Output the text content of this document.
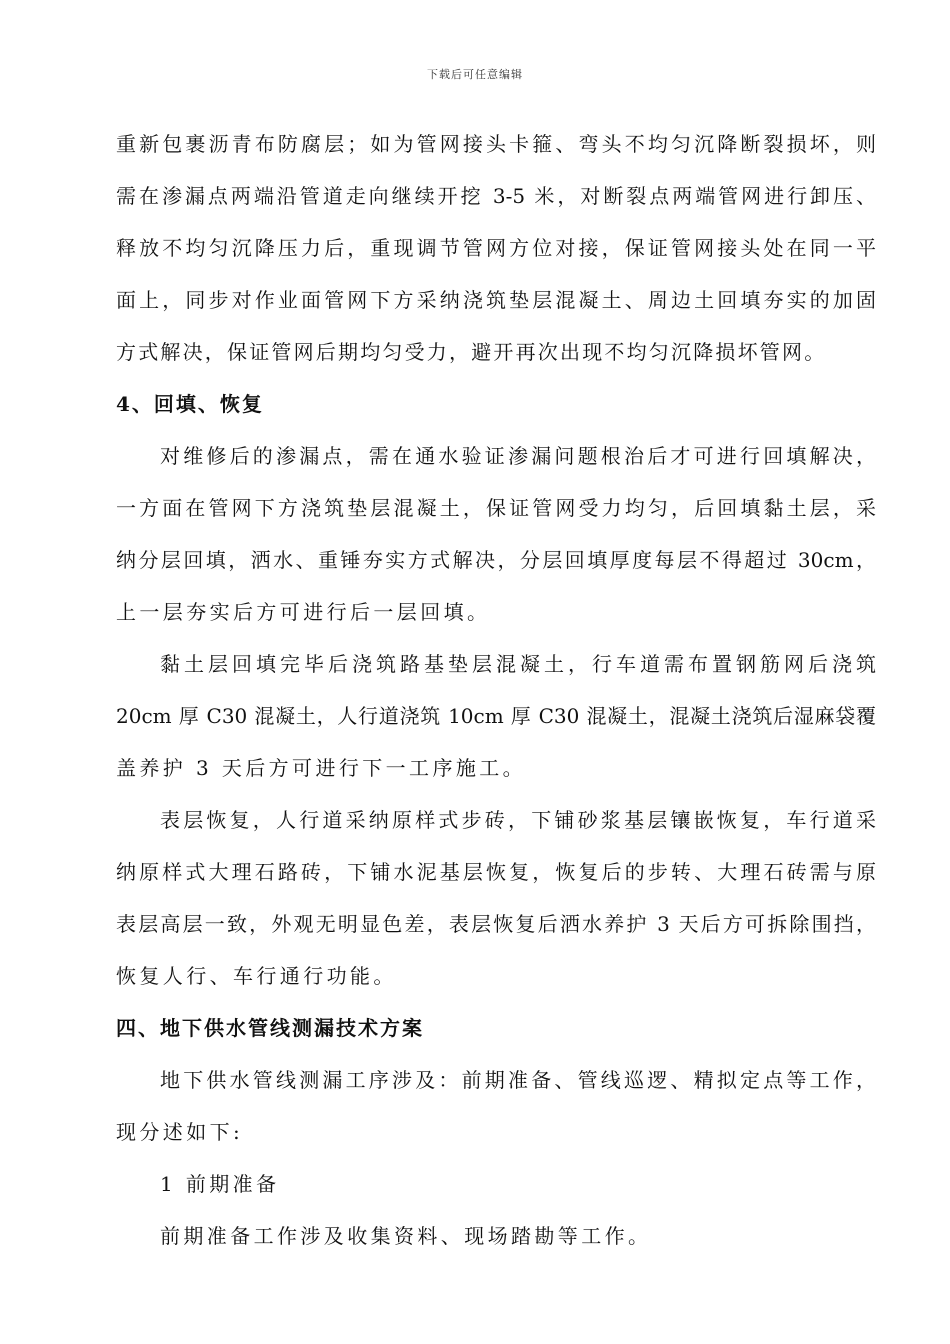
下载后可任意编辑
重新包裹沥青布防腐层；如为管网接头卡箍、弯头不均匀沉降断裂损坏，则
需在渗漏点两端沿管道走向继续开挖 3-5 米，对断裂点两端管网进行卸压、
释放不均匀沉降压力后，重现调节管网方位对接，保证管网接头处在同一平
面上，同步对作业面管网下方采纳浇筑垫层混凝土、周边土回填夯实的加固
方式解决，保证管网后期均匀受力，避开再次出现不均匀沉降损坏管网。
4、回填、恢复
对维修后的渗漏点，需在通水验证渗漏问题根治后才可进行回填解决，
一方面在管网下方浇筑垫层混凝土，保证管网受力均匀，后回填黏土层，采
纳分层回填，洒水、重锤夯实方式解决，分层回填厚度每层不得超过 30cm，
上一层夯实后方可进行后一层回填。
黏土层回填完毕后浇筑路基垫层混凝土，行车道需布置钢筋网后浇筑
20cm 厚 C30 混凝土，人行道浇筑 10cm 厚 C30 混凝土，混凝土浇筑后湿麻袋覆
盖养护 3 天后方可进行下一工序施工。
表层恢复，人行道采纳原样式步砖，下铺砂浆基层镶嵌恢复，车行道采
纳原样式大理石路砖，下铺水泥基层恢复，恢复后的步转、大理石砖需与原
表层高层一致，外观无明显色差，表层恢复后洒水养护 3 天后方可拆除围挡，
恢复人行、车行通行功能。
四、地下供水管线测漏技术方案
地下供水管线测漏工序涉及：前期准备、管线巡逻、精拟定点等工作，
现分述如下:
1 前期准备
前期准备工作涉及收集资料、现场踏勘等工作。
